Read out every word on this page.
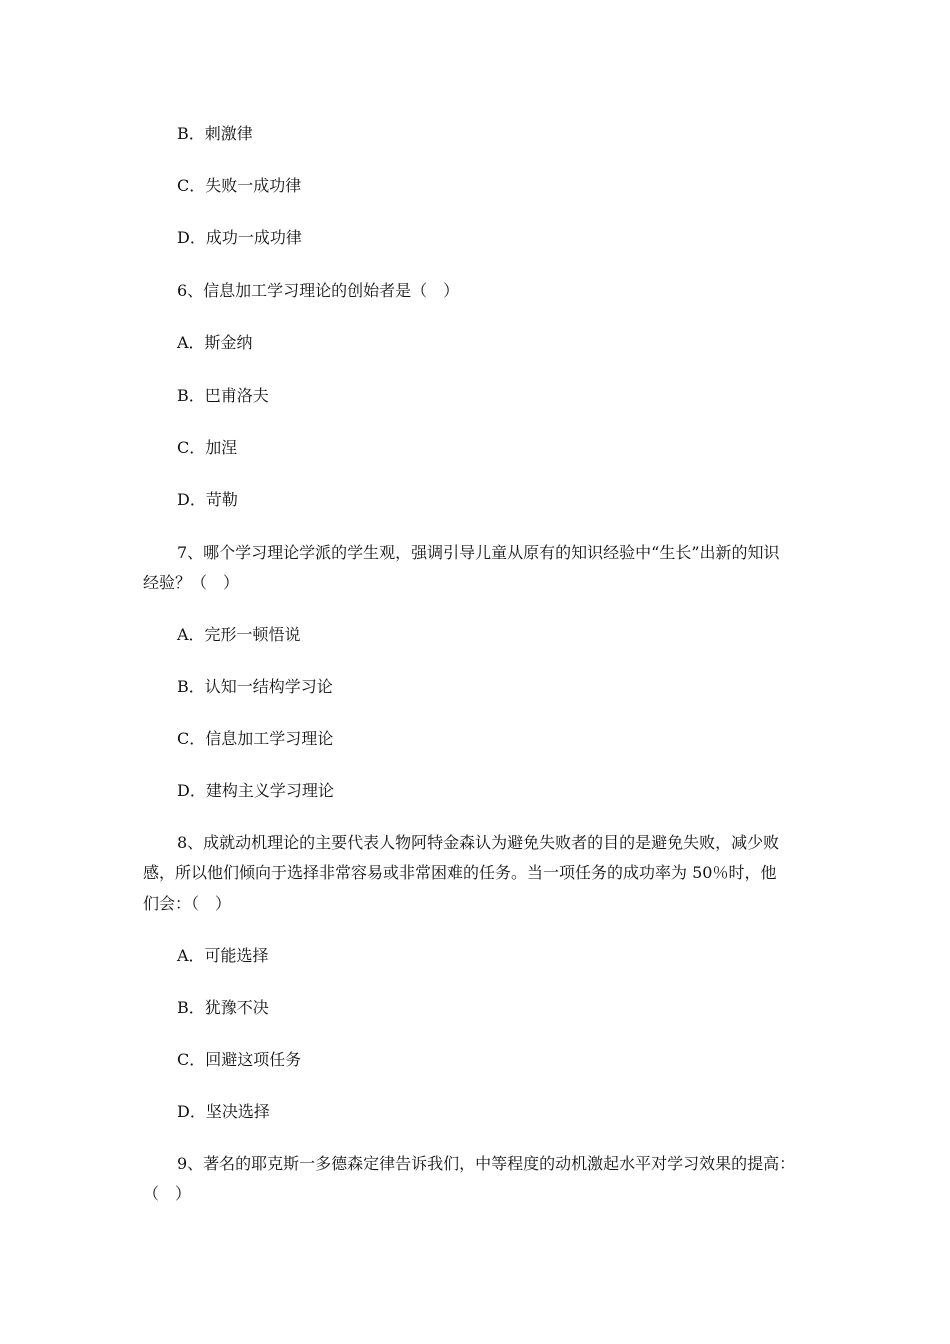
B．刺激律
C．失败一成功律
D．成功一成功律
6、信息加工学习理论的创始者是（　）
A．斯金纳
B．巴甫洛夫
C．加涅
D．苛勒
7、哪个学习理论学派的学生观，强调引导儿童从原有的知识经验中“生长”出新的知识
经验？（　）
A．完形一顿悟说
B．认知一结构学习论
C．信息加工学习理论
D．建构主义学习理论
8、成就动机理论的主要代表人物阿特金森认为避免失败者的目的是避免失败，减少败
感，所以他们倾向于选择非常容易或非常困难的任务。当一项任务的成功率为 50％时，他
们会：（　）
A．可能选择
B．犹豫不决
C．回避这项任务
D．坚决选择
9、著名的耶克斯一多德森定律告诉我们，中等程度的动机激起水平对学习效果的提高：
（　）
